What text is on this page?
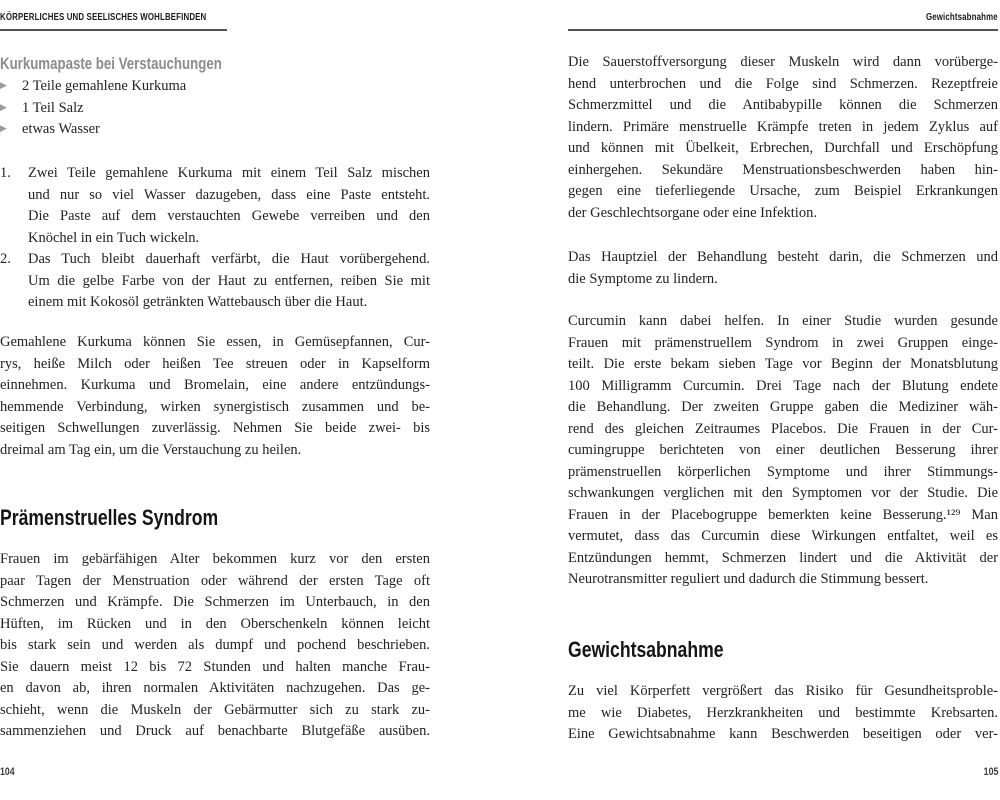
KÖRPERLICHES UND SEELISCHES WOHLBEFINDEN
Kurkumapaste bei Verstauchungen
▶	2 Teile gemahlene Kurkuma
▶	1 Teil Salz
▶	etwas Wasser
1.	Zwei Teile gemahlene Kurkuma mit einem Teil Salz mischen
und nur so viel Wasser dazugeben, dass eine Paste entsteht.
Die Paste auf dem verstauchten Gewebe verreiben und den
Knöchel in ein Tuch wickeln.
2.	Das Tuch bleibt dauerhaft verfärbt, die Haut vorübergehend.
Um die gelbe Farbe von der Haut zu entfernen, reiben Sie mit
einem mit Kokosöl getränkten Wattebausch über die Haut.
Gemahlene Kurkuma können Sie essen, in Gemüsepfannen, Cur-
rys, heiße Milch oder heißen Tee streuen oder in Kapselform
einnehmen. Kurkuma und Bromelain, eine andere entzündungs-
hemmende Verbindung, wirken synergistisch zusammen und be-
seitigen Schwellungen zuverlässig. Nehmen Sie beide zwei- bis
dreimal am Tag ein, um die Verstauchung zu heilen.
Prämenstruelles Syndrom
Frauen im gebärfähigen Alter bekommen kurz vor den ersten
paar Tagen der Menstruation oder während der ersten Tage oft
Schmerzen und Krämpfe. Die Schmerzen im Unterbauch, in den
Hüften, im Rücken und in den Oberschenkeln können leicht
bis stark sein und werden als dumpf und pochend beschrieben.
Sie dauern meist 12 bis 72 Stunden und halten manche Frau-
en davon ab, ihren normalen Aktivitäten nachzugehen. Das ge-
schieht, wenn die Muskeln der Gebärmutter sich zu stark zu-
sammenziehen und Druck auf benachbarte Blutgefäße ausüben.
104
Gewichtsabnahme
Die Sauerstoffversorgung dieser Muskeln wird dann vorüberge-
hend unterbrochen und die Folge sind Schmerzen. Rezeptfreie
Schmerzmittel und die Antibabypille können die Schmerzen
lindern. Primäre menstruelle Krämpfe treten in jedem Zyklus auf
und können mit Übelkeit, Erbrechen, Durchfall und Erschöpfung
einhergehen. Sekundäre Menstruationsbeschwerden haben hin-
gegen eine tieferliegende Ursache, zum Beispiel Erkrankungen
der Geschlechtsorgane oder eine Infektion.
Das Hauptziel der Behandlung besteht darin, die Schmerzen und
die Symptome zu lindern.
Curcumin kann dabei helfen. In einer Studie wurden gesunde
Frauen mit prämenstruellem Syndrom in zwei Gruppen einge-
teilt. Die erste bekam sieben Tage vor Beginn der Monatsblutung
100 Milligramm Curcumin. Drei Tage nach der Blutung endete
die Behandlung. Der zweiten Gruppe gaben die Mediziner wäh-
rend des gleichen Zeitraumes Placebos. Die Frauen in der Cur-
cumingruppe berichteten von einer deutlichen Besserung ihrer
prämenstruellen körperlichen Symptome und ihrer Stimmungs-
schwankungen verglichen mit den Symptomen vor der Studie. Die
Frauen in der Placebogruppe bemerkten keine Besserung.¹²⁹ Man
vermutet, dass das Curcumin diese Wirkungen entfaltet, weil es
Entzündungen hemmt, Schmerzen lindert und die Aktivität der
Neurotransmitter reguliert und dadurch die Stimmung bessert.
Gewichtsabnahme
Zu viel Körperfett vergrößert das Risiko für Gesundheitsproble-
me wie Diabetes, Herzkrankheiten und bestimmte Krebsarten.
Eine Gewichtsabnahme kann Beschwerden beseitigen oder ver-
105
